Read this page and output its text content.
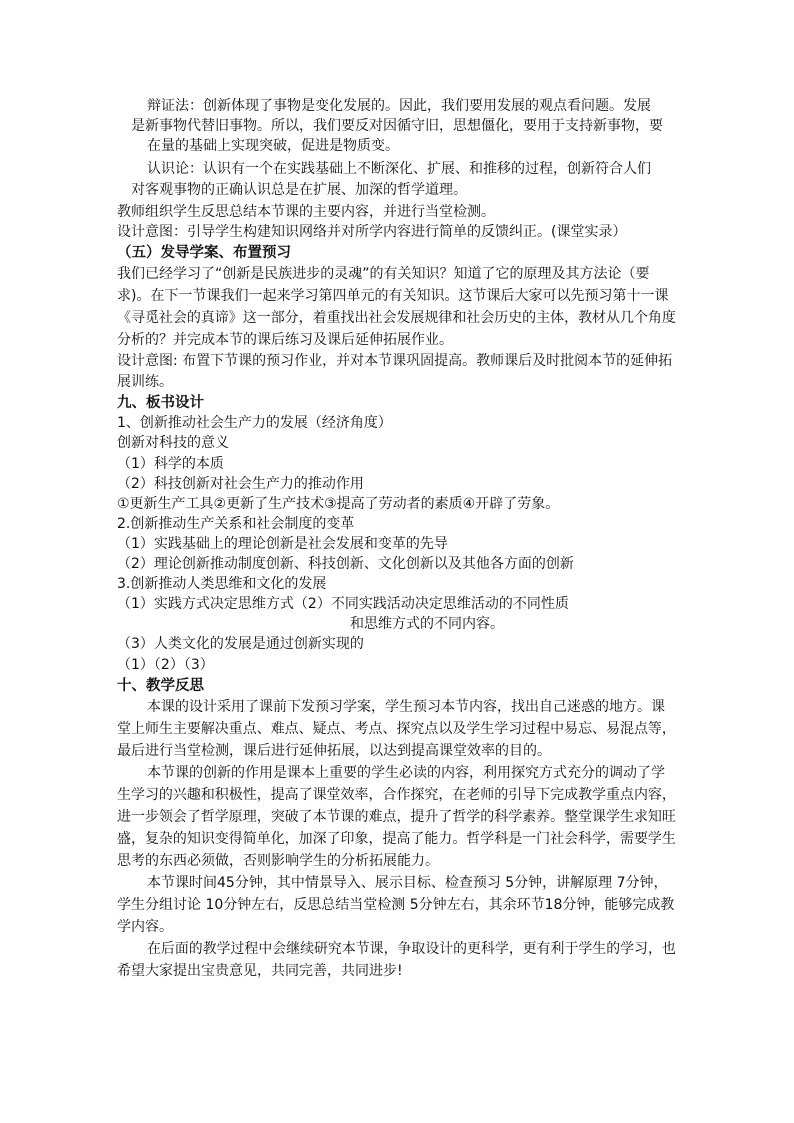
辩证法：创新体现了事物是变化发展的。因此，我们要用发展的观点看问题。发展
是新事物代替旧事物。所以，我们要反对因循守旧，思想僵化，要用于支持新事物，要
在量的基础上实现突破，促进是物质变。
认识论：认识有一个在实践基础上不断深化、扩展、和推移的过程，创新符合人们
对客观事物的正确认识总是在扩展、加深的哲学道理。
教师组织学生反思总结本节课的主要内容，并进行当堂检测。
设计意图：引导学生构建知识网络并对所学内容进行简单的反馈纠正。(课堂实录）
（五）发导学案、布置预习
我们已经学习了“创新是民族进步的灵魂”的有关知识？知道了它的原理及其方法论（要
求)。在下一节课我们一起来学习第四单元的有关知识。这节课后大家可以先预习第十一课
《寻觅社会的真谛》这一部分，着重找出社会发展规律和社会历史的主体，教材从几个角度
分析的？并完成本节的课后练习及课后延伸拓展作业。
设计意图: 布置下节课的预习作业，并对本节课巩固提高。教师课后及时批阅本节的延伸拓
展训练。
九、板书设计
1、创新推动社会生产力的发展（经济角度）
创新对科技的意义
（1）科学的本质
（2）科技创新对社会生产力的推动作用
①更新生产工具②更新了生产技术③提高了劳动者的素质④开辟了劳象。
2.创新推动生产关系和社会制度的变革
（1）实践基础上的理论创新是社会发展和变革的先导
（2）理论创新推动制度创新、科技创新、文化创新以及其他各方面的创新
3.创新推动人类思维和文化的发展
（1）实践方式决定思维方式（2）不同实践活动决定思维活动的不同性质
和思维方式的不同内容。
（3）人类文化的发展是通过创新实现的
（1）（2）（3）
十、教学反思
本课的设计采用了课前下发预习学案，学生预习本节内容，找出自己迷惑的地方。课
堂上师生主要解决重点、难点、疑点、考点、探究点以及学生学习过程中易忘、易混点等，
最后进行当堂检测，课后进行延伸拓展，以达到提高课堂效率的目的。
本节课的创新的作用是课本上重要的学生必读的内容，利用探究方式充分的调动了学
生学习的兴趣和积极性，提高了课堂效率，合作探究，在老师的引导下完成教学重点内容，
进一步领会了哲学原理，突破了本节课的难点，提升了哲学的科学素养。整堂课学生求知旺
盛，复杂的知识变得简单化，加深了印象，提高了能力。哲学科是一门社会科学，需要学生
思考的东西必须做，否则影响学生的分析拓展能力。
本节课时间45分钟，其中情景导入、展示目标、检查预习 5分钟，讲解原理 7分钟，
学生分组讨论 10分钟左右，反思总结当堂检测 5分钟左右，其余环节18分钟，能够完成教
学内容。
在后面的教学过程中会继续研究本节课，争取设计的更科学，更有利于学生的学习，也
希望大家提出宝贵意见，共同完善，共同进步!
